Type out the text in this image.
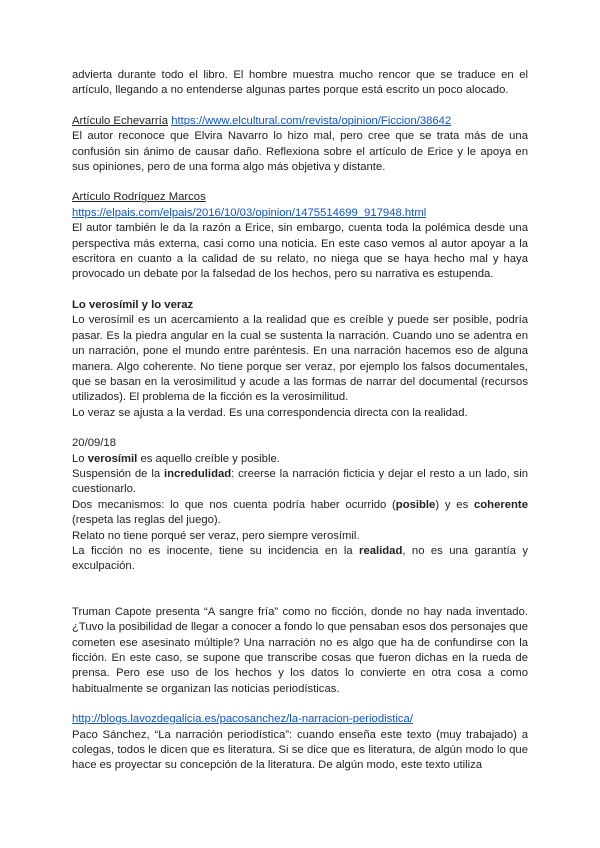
advierta durante todo el libro. El hombre muestra mucho rencor que se traduce en el artículo, llegando a no entenderse algunas partes porque está escrito un poco alocado.

Artículo Echevarría https://www.elcultural.com/revista/opinion/Ficcion/38642

El autor reconoce que Elvira Navarro lo hizo mal, pero cree que se trata más de una confusión sin ánimo de causar daño. Reflexiona sobre el artículo de Erice y le apoya en sus opiniones, pero de una forma algo más objetiva y distante.

Artículo Rodríguez Marcos

https://elpais.com/elpais/2016/10/03/opinion/1475514699_917948.html

El autor también le da la razón a Erice, sin embargo, cuenta toda la polémica desde una perspectiva más externa, casi como una noticia. En este caso vemos al autor apoyar a la escritora en cuanto a la calidad de su relato, no niega que se haya hecho mal y haya provocado un debate por la falsedad de los hechos, pero su narrativa es estupenda.

Lo verosímil y lo veraz

Lo verosímil es un acercamiento a la realidad que es creíble y puede ser posible, podría pasar. Es la piedra angular en la cual se sustenta la narración. Cuando uno se adentra en un narración, pone el mundo entre paréntesis. En una narración hacemos eso de alguna manera. Algo coherente. No tiene porque ser veraz, por ejemplo los falsos documentales, que se basan en la verosimilitud y acude a las formas de narrar del documental (recursos utilizados). El problema de la ficción es la verosimilitud.

Lo veraz se ajusta a la verdad. Es una correspondencia directa con la realidad.

20/09/18

Lo verosímil es aquello creíble y posible.

Suspensión de la incredulidad: creerse la narración ficticia y dejar el resto a un lado, sin cuestionarlo.

Dos mecanismos: lo que nos cuenta podría haber ocurrido (posible) y es coherente (respeta las reglas del juego).

Relato no tiene porqué ser veraz, pero siempre verosímil.

La ficción no es inocente, tiene su incidencia en la realidad, no es una garantía y exculpación.

Truman Capote presenta “A sangre fría” como no ficción, donde no hay nada inventado. ¿Tuvo la posibilidad de llegar a conocer a fondo lo que pensaban esos dos personajes que cometen ese asesinato múltiple? Una narración no es algo que ha de confundirse con la ficción. En este caso, se supone que transcribe cosas que fueron dichas en la rueda de prensa. Pero ese uso de los hechos y los datos lo convierte en otra cosa a como habitualmente se organizan las noticias periodísticas.

http://blogs.lavozdegalicia.es/pacosanchez/la-narracion-periodistica/

Paco Sánchez, “La narración periodística”: cuando enseña este texto (muy trabajado) a colegas, todos le dicen que es literatura. Si se dice que es literatura, de algún modo lo que hace es proyectar su concepción de la literatura. De algún modo, este texto utiliza
